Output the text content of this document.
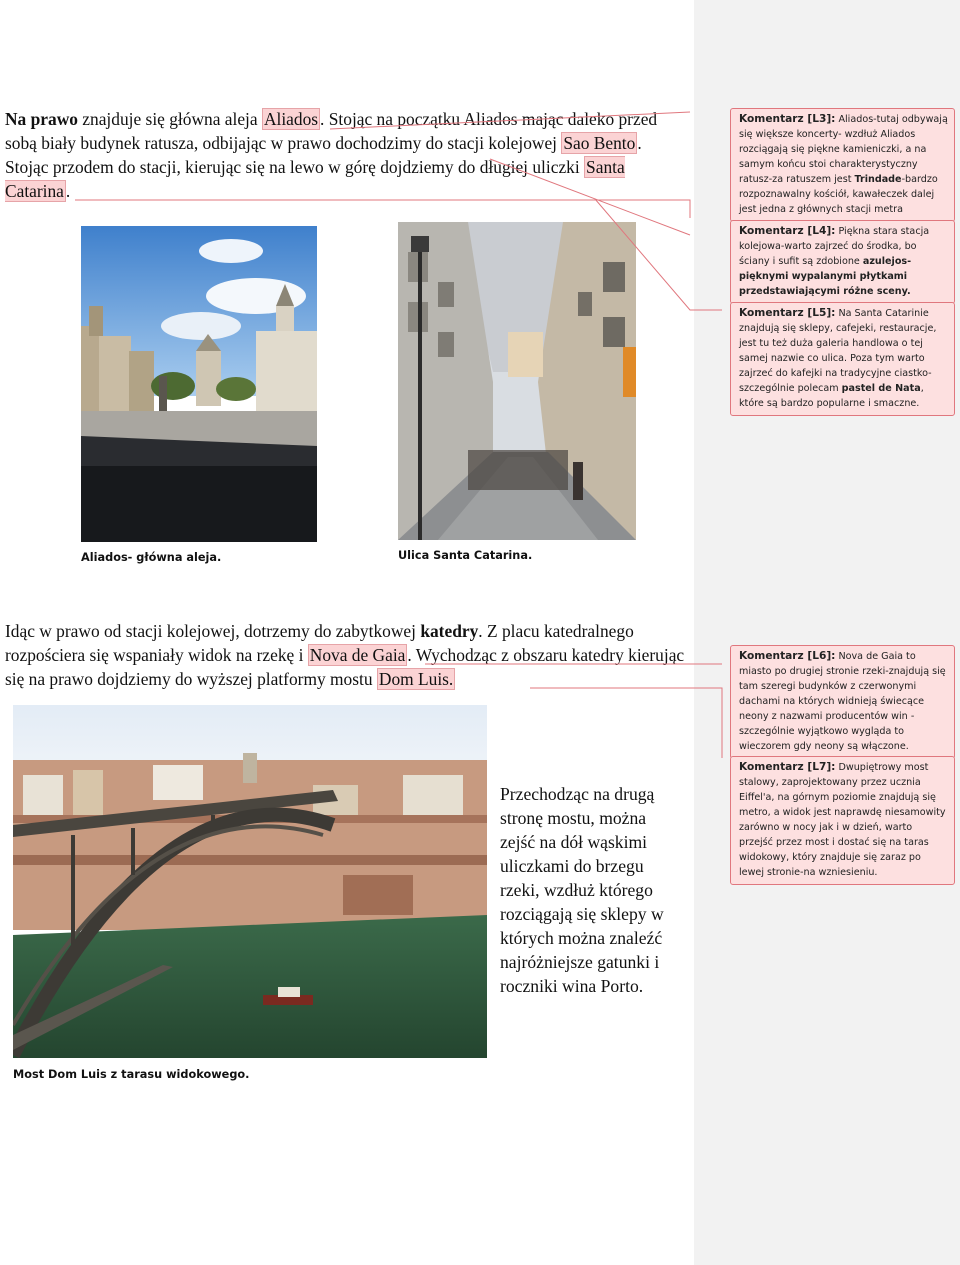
Na prawo znajduje się główna aleja Aliados . Stojąc na początku Aliados mając daleko przed sobą biały budynek ratusza, odbijając w prawo dochodzimy do stacji kolejowej Sao Bento . Stojąc przodem do stacji, kierując się na lewo w górę dojdziemy do długiej uliczki Santa Catarina .

Aliados- główna aleja.	Ulica Santa Catarina.

Idąc w prawo od stacji kolejowej, dotrzemy do zabytkowej katedry. Z placu katedralnego rozpościera się wspaniały widok na rzekę i Nova de Gaia . Wychodząc z obszaru katedry kierując się na prawo dojdziemy do wyższej platformy mostu Dom Luis.

Przechodząc na drugą stronę mostu, można zejść na dół wąskimi uliczkami do brzegu rzeki, wzdłuż którego rozciągają się sklepy w których można znaleźć najróżniejsze gatunki i roczniki wina Porto.

Most Dom Luis z tarasu widokowego.
Komentarz [L3]: Aliados-tutaj odbywają się większe koncerty- wzdłuż Aliados rozciągają się piękne kamieniczki, a na samym końcu stoi charakterystyczny ratusz-za ratuszem jest Trindade-bardzo rozpoznawalny kościół, kawałeczek dalej jest jedna z głównych stacji metra
Komentarz [L4]: Piękna stara stacja kolejowa-warto zajrzeć do środka, bo ściany i sufit są zdobione azulejos- pięknymi wypalanymi płytkami przedstawiającymi różne sceny.
Komentarz [L5]: Na Santa Catarinie znajdują się sklepy, cafejeki, restauracje, jest tu też duża galeria handlowa o tej samej nazwie co ulica. Poza tym warto zajrzeć do kafejki na tradycyjne ciastko- szczególnie polecam pastel de Nata, które są bardzo popularne i smaczne.
Komentarz [L6]: Nova de Gaia to miasto po drugiej stronie rzeki-znajdują się tam szeregi budynków z czerwonymi dachami na których widnieją świecące neony z nazwami producentów win -szczególnie wyjątkowo wygląda to wieczorem gdy neony są włączone.
Komentarz [L7]: Dwupiętrowy most stalowy, zaprojektowany przez ucznia Eiffel'a, na górnym poziomie znajdują się metro, a widok jest naprawdę niesamowity zarówno w nocy jak i w dzień, warto przejść przez most i dostać się na taras widokowy, który znajduje się zaraz po lewej stronie-na wzniesieniu.
